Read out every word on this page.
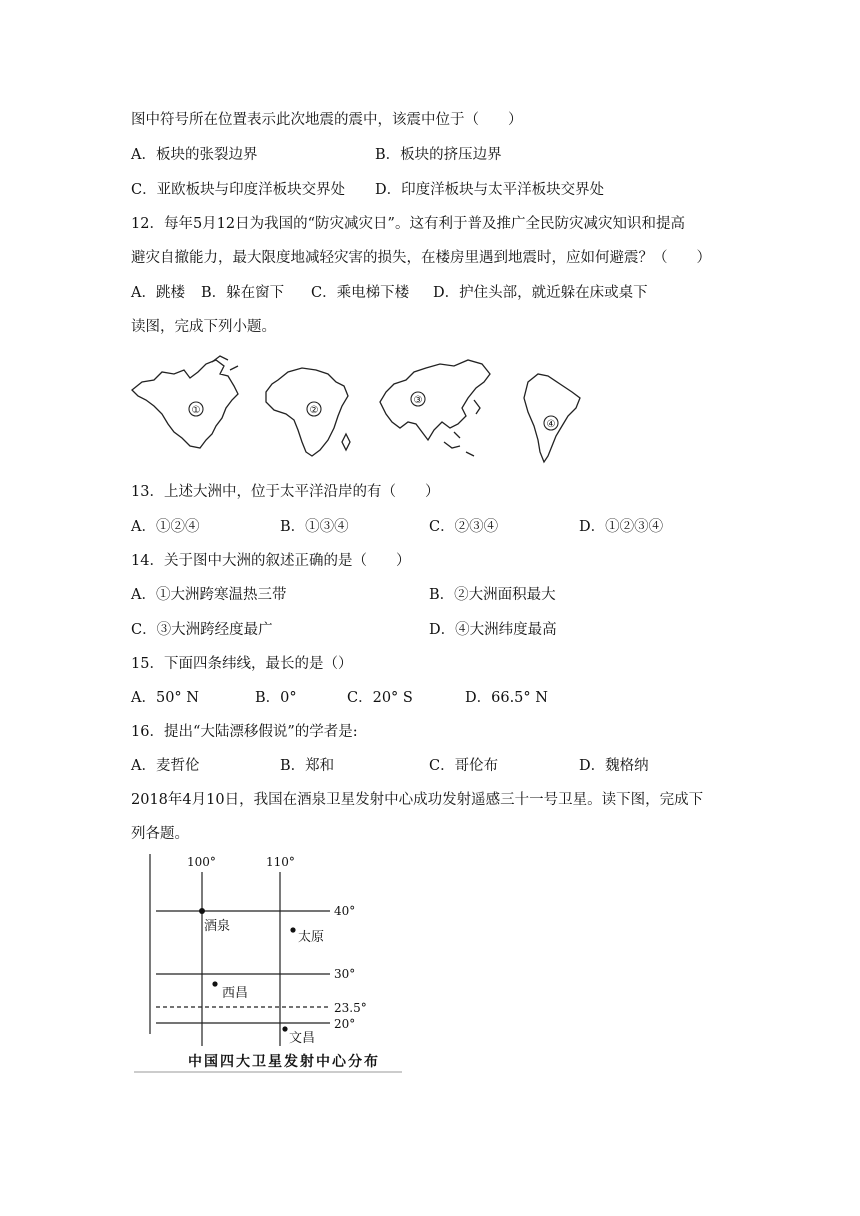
图中符号所在位置表示此次地震的震中，该震中位于（　　）
A．板块的张裂边界	B．板块的挤压边界
C．亚欧板块与印度洋板块交界处 D．印度洋板块与太平洋板块交界处
12．每年5月12日为我国的“防灾减灾日”。这有利于普及推广全民防灾减灾知识和提高
避灾自撤能力，最大限度地减轻灾害的损失，在楼房里遇到地震时，应如何避震？（　　）
A．跳楼 B．躲在窗下 C．乘电梯下楼 D．护住头部，就近躲在床或桌下
读图，完成下列小题。
①	②
③
④
13．上述大洲中，位于太平洋沿岸的有（　　）
A．①②④	B．①③④	C．②③④	D．①②③④
14．关于图中大洲的叙述正确的是（　　）
A．①大洲跨寒温热三带	B．②大洲面积最大
C．③大洲跨经度最广	D．④大洲纬度最高
15．下面四条纬线，最长的是（）
A．50° N	B．0°	C．20° S	D．66.5° N
16．提出“大陆漂移假说”的学者是:
A．麦哲伦	B．郑和	C．哥伦布	D．魏格纳
2018年4月10日，我国在酒泉卫星发射中心成功发射遥感三十一号卫星。读下图，完成下
列各题。
100°	110°
40°
30°
23.5°
20°
酒泉
太原
西昌
文昌
中国四大卫星发射中心分布
